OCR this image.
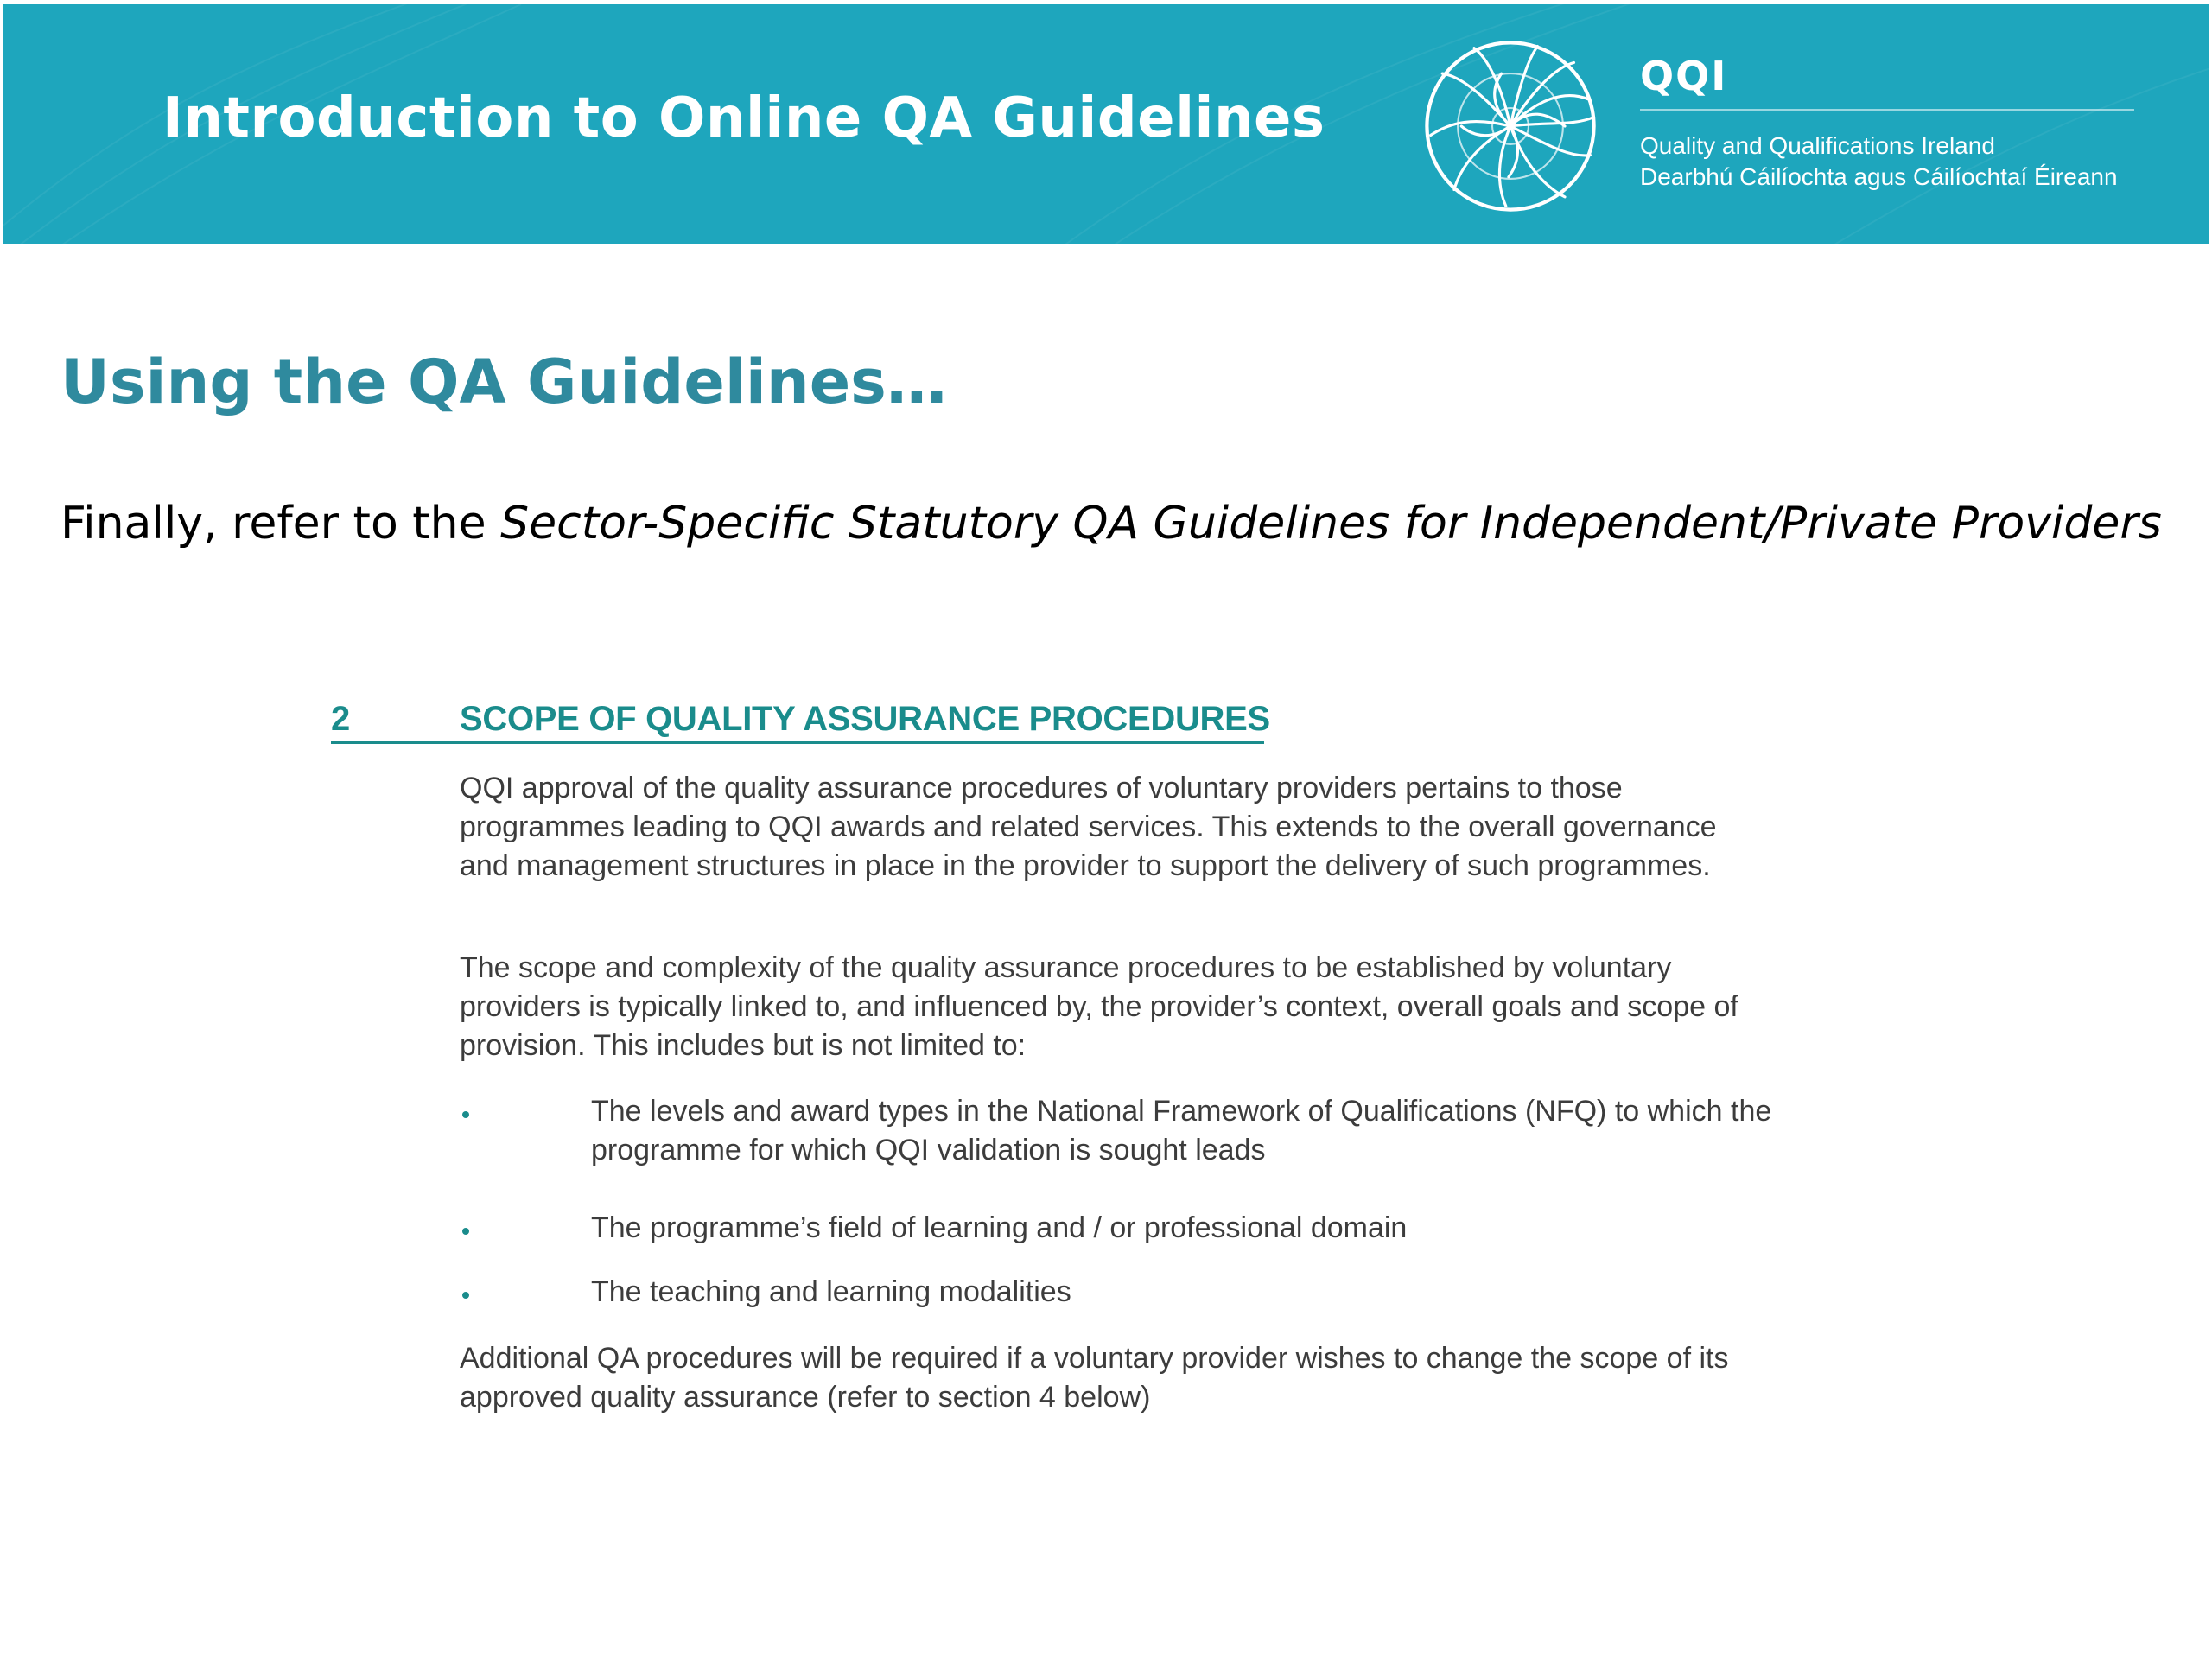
Introduction to Online QA Guidelines
QQI
Quality and Qualifications Ireland
Dearbhú Cáilíochta agus Cáilíochtaí Éireann
Using the QA Guidelines…
Finally, refer to the Sector-Specific Statutory QA Guidelines for Independent/Private Providers
2	SCOPE OF QUALITY ASSURANCE PROCEDURES

QQI approval of the quality assurance procedures of voluntary providers pertains to those programmes leading to QQI awards and related services. This extends to the overall governance and management structures in place in the provider to support the delivery of such programmes.

The scope and complexity of the quality assurance procedures to be established by voluntary providers is typically linked to, and influenced by, the provider’s context, overall goals and scope of provision. This includes but is not limited to:

The levels and award types in the National Framework of Qualifications (NFQ) to which the programme for which QQI validation is sought leads

The programme’s field of learning and / or professional domain

The teaching and learning modalities

Additional QA procedures will be required if a voluntary provider wishes to change the scope of its approved quality assurance (refer to section 4 below)
